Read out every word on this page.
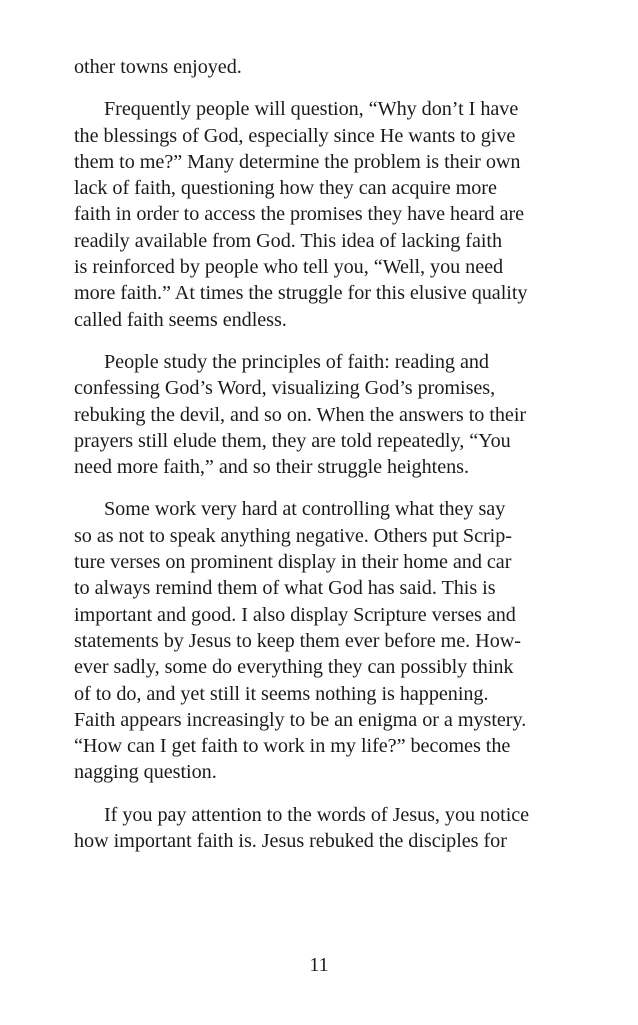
other towns enjoyed.

Frequently people will question, “Why don’t I have
the blessings of God, especially since He wants to give
them to me?” Many determine the problem is their own
lack of faith, questioning how they can acquire more
faith in order to access the promises they have heard are
readily available from God. This idea of lacking faith
is reinforced by people who tell you, “Well, you need
more faith.” At times the struggle for this elusive quality
called faith seems endless.

People study the principles of faith: reading and
confessing God’s Word, visualizing God’s promises,
rebuking the devil, and so on. When the answers to their
prayers still elude them, they are told repeatedly, “You
need more faith,” and so their struggle heightens.

Some work very hard at controlling what they say
so as not to speak anything negative. Others put Scrip-
ture verses on prominent display in their home and car
to always remind them of what God has said. This is
important and good. I also display Scripture verses and
statements by Jesus to keep them ever before me. How-
ever sadly, some do everything they can possibly think
of to do, and yet still it seems nothing is happening.
Faith appears increasingly to be an enigma or a mystery.
“How can I get faith to work in my life?” becomes the
nagging question.

If you pay attention to the words of Jesus, you notice
how important faith is. Jesus rebuked the disciples for

11
